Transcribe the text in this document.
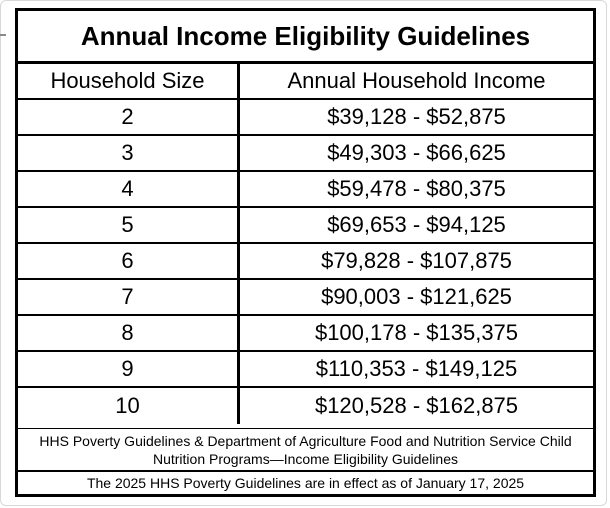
Annual Income Eligibility Guidelines
Household Size	Annual Household Income
2	$39,128 - $52,875
3	$49,303 - $66,625
4	$59,478 - $80,375
5	$69,653 - $94,125
6	$79,828 - $107,875
7	$90,003 - $121,625
8	$100,178 - $135,375
9	$110,353 - $149,125
10	$120,528 - $162,875
HHS Poverty Guidelines & Department of Agriculture Food and Nutrition Service Child Nutrition Programs—Income Eligibility Guidelines
The 2025 HHS Poverty Guidelines are in effect as of January 17, 2025
